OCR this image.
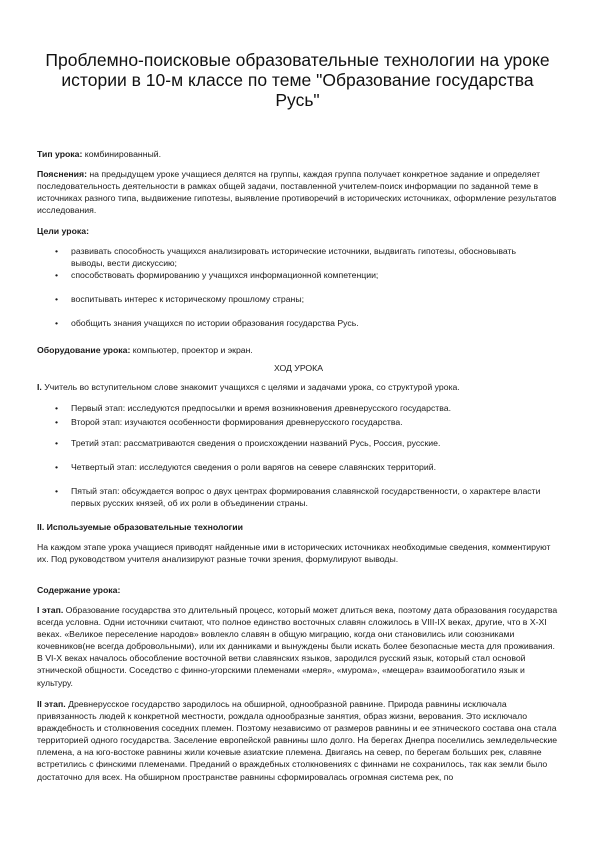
Проблемно-поисковые образовательные технологии на уроке истории в 10-м классе по теме "Образование государства Русь"

Тип урока: комбинированный.

Пояснения: на предыдущем уроке учащиеся делятся на группы, каждая группа получает конкретное задание и определяет последовательность деятельности в рамках общей задачи, поставленной учителем-поиск информации по заданной теме в источниках разного типа, выдвижение гипотезы, выявление противоречий в исторических источниках, оформление результатов исследования.

Цели урока:

• развивать способность учащихся анализировать исторические источники, выдвигать гипотезы, обосновывать выводы, вести дискуссию;

• способствовать формированию у учащихся информационной компетенции;

• воспитывать интерес к историческому прошлому страны;

• обобщить знания учащихся по истории образования государства Русь.

Оборудование урока: компьютер, проектор и экран.

ХОД УРОКА

I. Учитель во вступительном слове знакомит учащихся с целями и задачами урока, со структурой урока.

• Первый этап: исследуются предпосылки и время возникновения древнерусского государства.

• Второй этап: изучаются особенности формирования древнерусского государства.

• Третий этап: рассматриваются сведения о происхождении названий Русь, Россия, русские.

• Четвертый этап: исследуются сведения о роли варягов на севере славянских территорий.

• Пятый этап: обсуждается вопрос о двух центрах формирования славянской государственности, о характере власти первых русских князей, об их роли в объединении страны.

II. Используемые образовательные технологии

На каждом этапе урока учащиеся приводят найденные ими в исторических источниках необходимые сведения, комментируют их. Под руководством учителя анализируют разные точки зрения, формулируют выводы.

Содержание урока:

I этап. Образование государства это длительный процесс, который может длиться века, поэтому дата образования государства всегда условна. Одни источники считают, что полное единство восточных славян сложилось в VIII-IX веках, другие, что в X-XI веках. «Великое переселение народов» вовлекло славян в общую миграцию, когда они становились или союзниками кочевников(не всегда добровольными), или их данниками и вынуждены были искать более безопасные места для проживания. В VI-X веках началось обособление восточной ветви славянских языков, зародился русский язык, который стал основой этнической общности. Соседство с финно-угорскими племенами «меря», «мурома», «мещера» взаимообогатило язык и культуру.

II этап. Древнерусское государство зародилось на обширной, однообразной равнине. Природа равнины исключала привязанность людей к конкретной местности, рождала однообразные занятия, образ жизни, верования. Это исключало враждебность и столкновения соседних племен. Поэтому независимо от размеров равнины и ее этнического состава она стала территорией одного государства. Заселение европейской равнины шло долго. На берегах Днепра поселились земледельческие племена, а на юго-востоке равнины жили кочевые азиатские племена. Двигаясь на север, по берегам больших рек, славяне встретились с финскими племенами. Преданий о враждебных столкновениях с финнами не сохранилось, так как земли было достаточно для всех. На обширном пространстве равнины сформировалась огромная система рек, по
